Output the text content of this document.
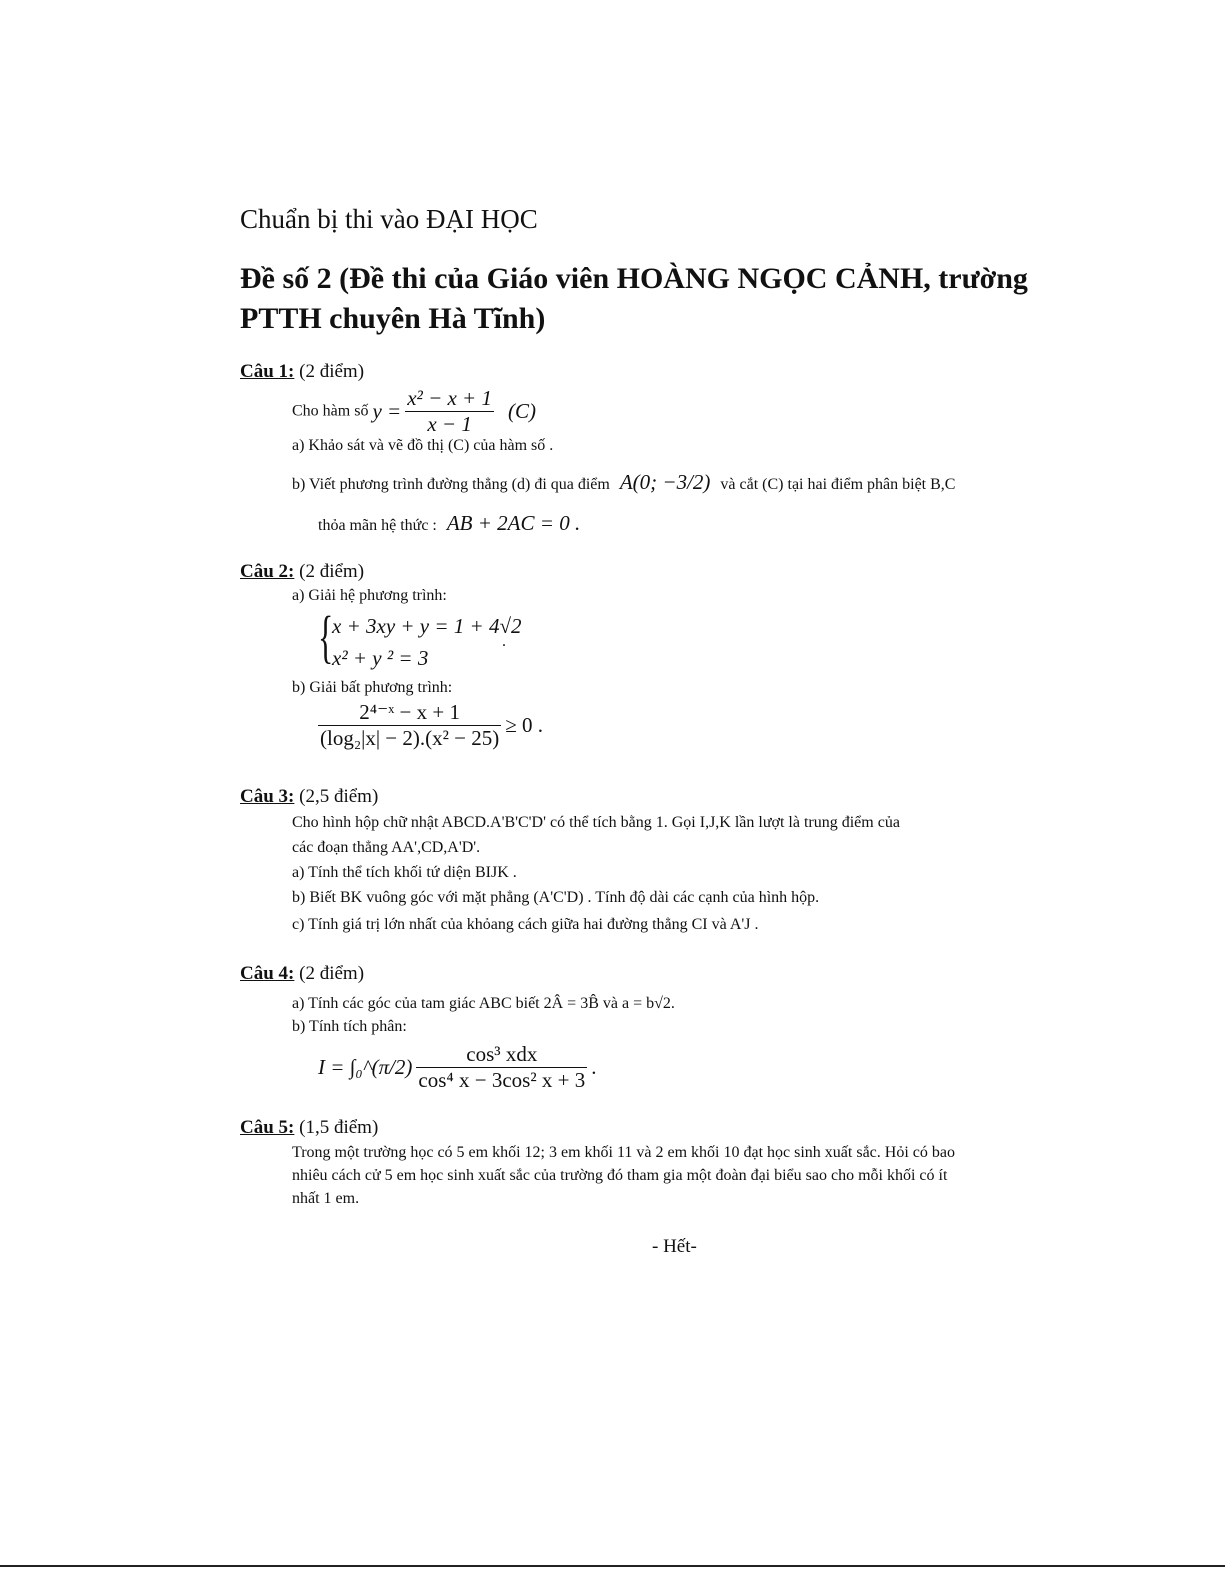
Chuẩn bị thi vào ĐẠI HỌC
Đề số 2 (Đề thi của Giáo viên HOÀNG NGỌC CẢNH, trường
PTTH chuyên Hà Tĩnh)
Câu 1: (2 điểm)
Cho hàm số $y = \frac{\text{x² − x + 1}}{x - 1} (C)$
a) Khảo sát và vẽ đồ thị (C) của hàm số .
b) Viết phương trình đường thẳng (d) đi qua điểm A(0; −3/2) và cắt (C) tại hai điểm phân biệt B,C
thỏa mãn hệ thức : AB + 2AC = 0 .
Câu 2: (2 điểm)
a) Giải hệ phương trình:
{
x + 3xy + y = 1 + 4√2
x² + y ² = 3
.
b) Giải bất phương trình:
$\frac{\text{2⁴⁻ˣ − x + 1}}{\text{(log₂|x| − 2).(x² − 25)}} \ge 0$ .
Câu 3: (2,5 điểm)
Cho hình hộp chữ nhật ABCD.A'B'C'D' có thể tích bằng 1. Gọi I,J,K lần lượt là trung điểm của
các đoạn thẳng AA',CD,A'D'.
a) Tính thể tích khối tứ diện BIJK .
b) Biết BK vuông góc với mặt phẳng (A'C'D) . Tính độ dài các cạnh của hình hộp.
c) Tính giá trị lớn nhất của khỏang cách giữa hai đường thẳng CI và A'J .
Câu 4: (2 điểm)
a) Tính các góc của tam giác ABC biết 2Â = 3B̂ và a = b√2.
b) Tính tích phân:
I = ∫₀^(π/2) $\frac{\text{cos³ xdx}}{\text{cos⁴ x − 3cos² x + 3}}$ .
Câu 5: (1,5 điểm)
Trong một trường học có 5 em khối 12; 3 em khối 11 và 2 em khối 10 đạt học sinh xuất sắc. Hỏi có bao
nhiêu cách cử 5 em học sinh xuất sắc của trường đó tham gia một đoàn đại biểu sao cho mỗi khối có ít
nhất 1 em.
- Hết-
